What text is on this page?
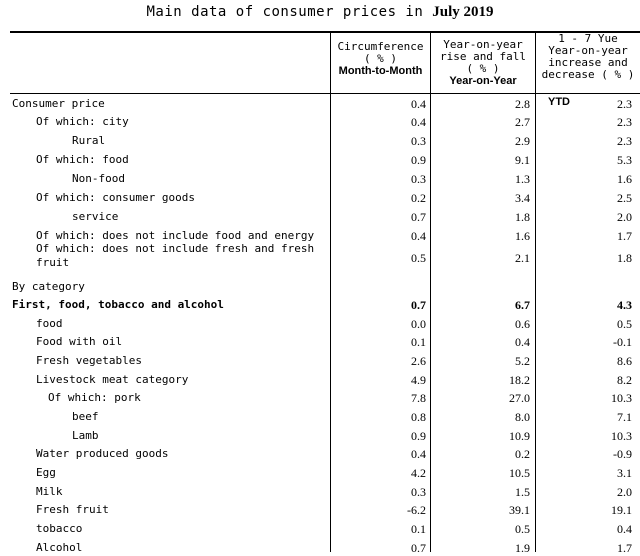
Main data of consumer prices in July 2019
Circumference
( % )
Month-to-Month
Year-on-year
rise and fall
( % )
Year-on-Year
1 - 7 Yue
Year-on-year
increase and
decrease ( % )
YTD
Consumer price	0.4	2.8	2.3
Of which: city	0.4	2.7	2.3
Rural	0.3	2.9	2.3
Of which: food	0.9	9.1	5.3
Non-food	0.3	1.3	1.6
Of which: consumer goods	0.2	3.4	2.5
service	0.7	1.8	2.0
Of which: does not include food and energy	0.4	1.6	1.7
Of which: does not include fresh and fresh fruit	0.5	2.1	1.8
By category
First, food, tobacco and alcohol	0.7	6.7	4.3
food	0.0	0.6	0.5
Food with oil	0.1	0.4	-0.1
Fresh vegetables	2.6	5.2	8.6
Livestock meat category	4.9	18.2	8.2
Of which: pork	7.8	27.0	10.3
beef	0.8	8.0	7.1
Lamb	0.9	10.9	10.3
Water produced goods	0.4	0.2	-0.9
Egg	4.2	10.5	3.1
Milk	0.3	1.5	2.0
Fresh fruit	-6.2	39.1	19.1
tobacco	0.1	0.5	0.4
Alcohol	0.7	1.9	1.7
